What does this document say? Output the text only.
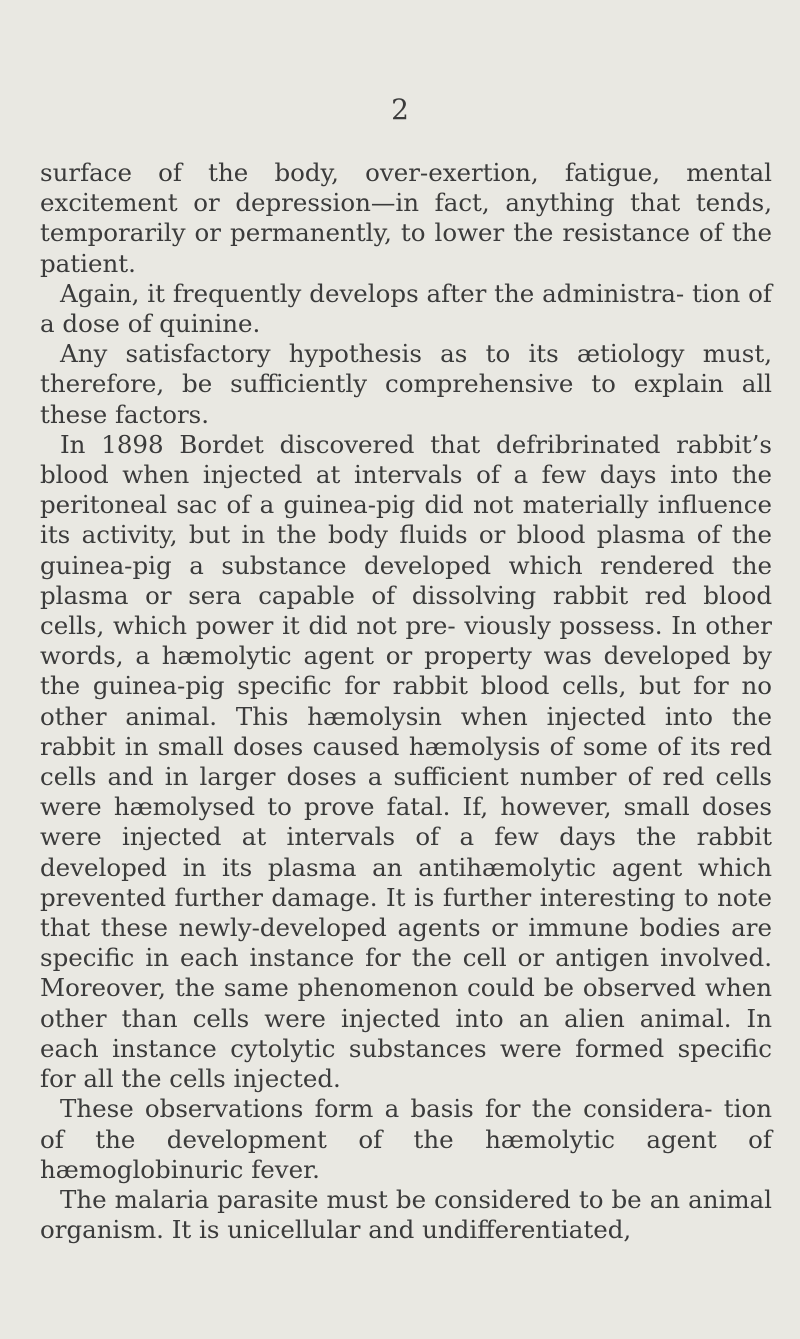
2

surface of the body, over-exertion, fatigue, mental excitement or depression—in fact, anything that tends, temporarily or permanently, to lower the resistance of the patient.

Again, it frequently develops after the administra- tion of a dose of quinine.

Any satisfactory hypothesis as to its ætiology must, therefore, be sufficiently comprehensive to explain all these factors.

In 1898 Bordet discovered that defribrinated rabbit’s blood when injected at intervals of a few days into the peritoneal sac of a guinea-pig did not materially influence its activity, but in the body fluids or blood plasma of the guinea-pig a substance developed which rendered the plasma or sera capable of dissolving rabbit red blood cells, which power it did not pre- viously possess. In other words, a hæmolytic agent or property was developed by the guinea-pig specific for rabbit blood cells, but for no other animal. This hæmolysin when injected into the rabbit in small doses caused hæmolysis of some of its red cells and in larger doses a sufficient number of red cells were hæmolysed to prove fatal. If, however, small doses were injected at intervals of a few days the rabbit developed in its plasma an antihæmolytic agent which prevented further damage. It is further interesting to note that these newly-developed agents or immune bodies are specific in each instance for the cell or antigen involved. Moreover, the same phenomenon could be observed when other than cells were injected into an alien animal. In each instance cytolytic substances were formed specific for all the cells injected.

These observations form a basis for the considera- tion of the development of the hæmolytic agent of hæmoglobinuric fever.

The malaria parasite must be considered to be an animal organism. It is unicellular and undifferentiated,
